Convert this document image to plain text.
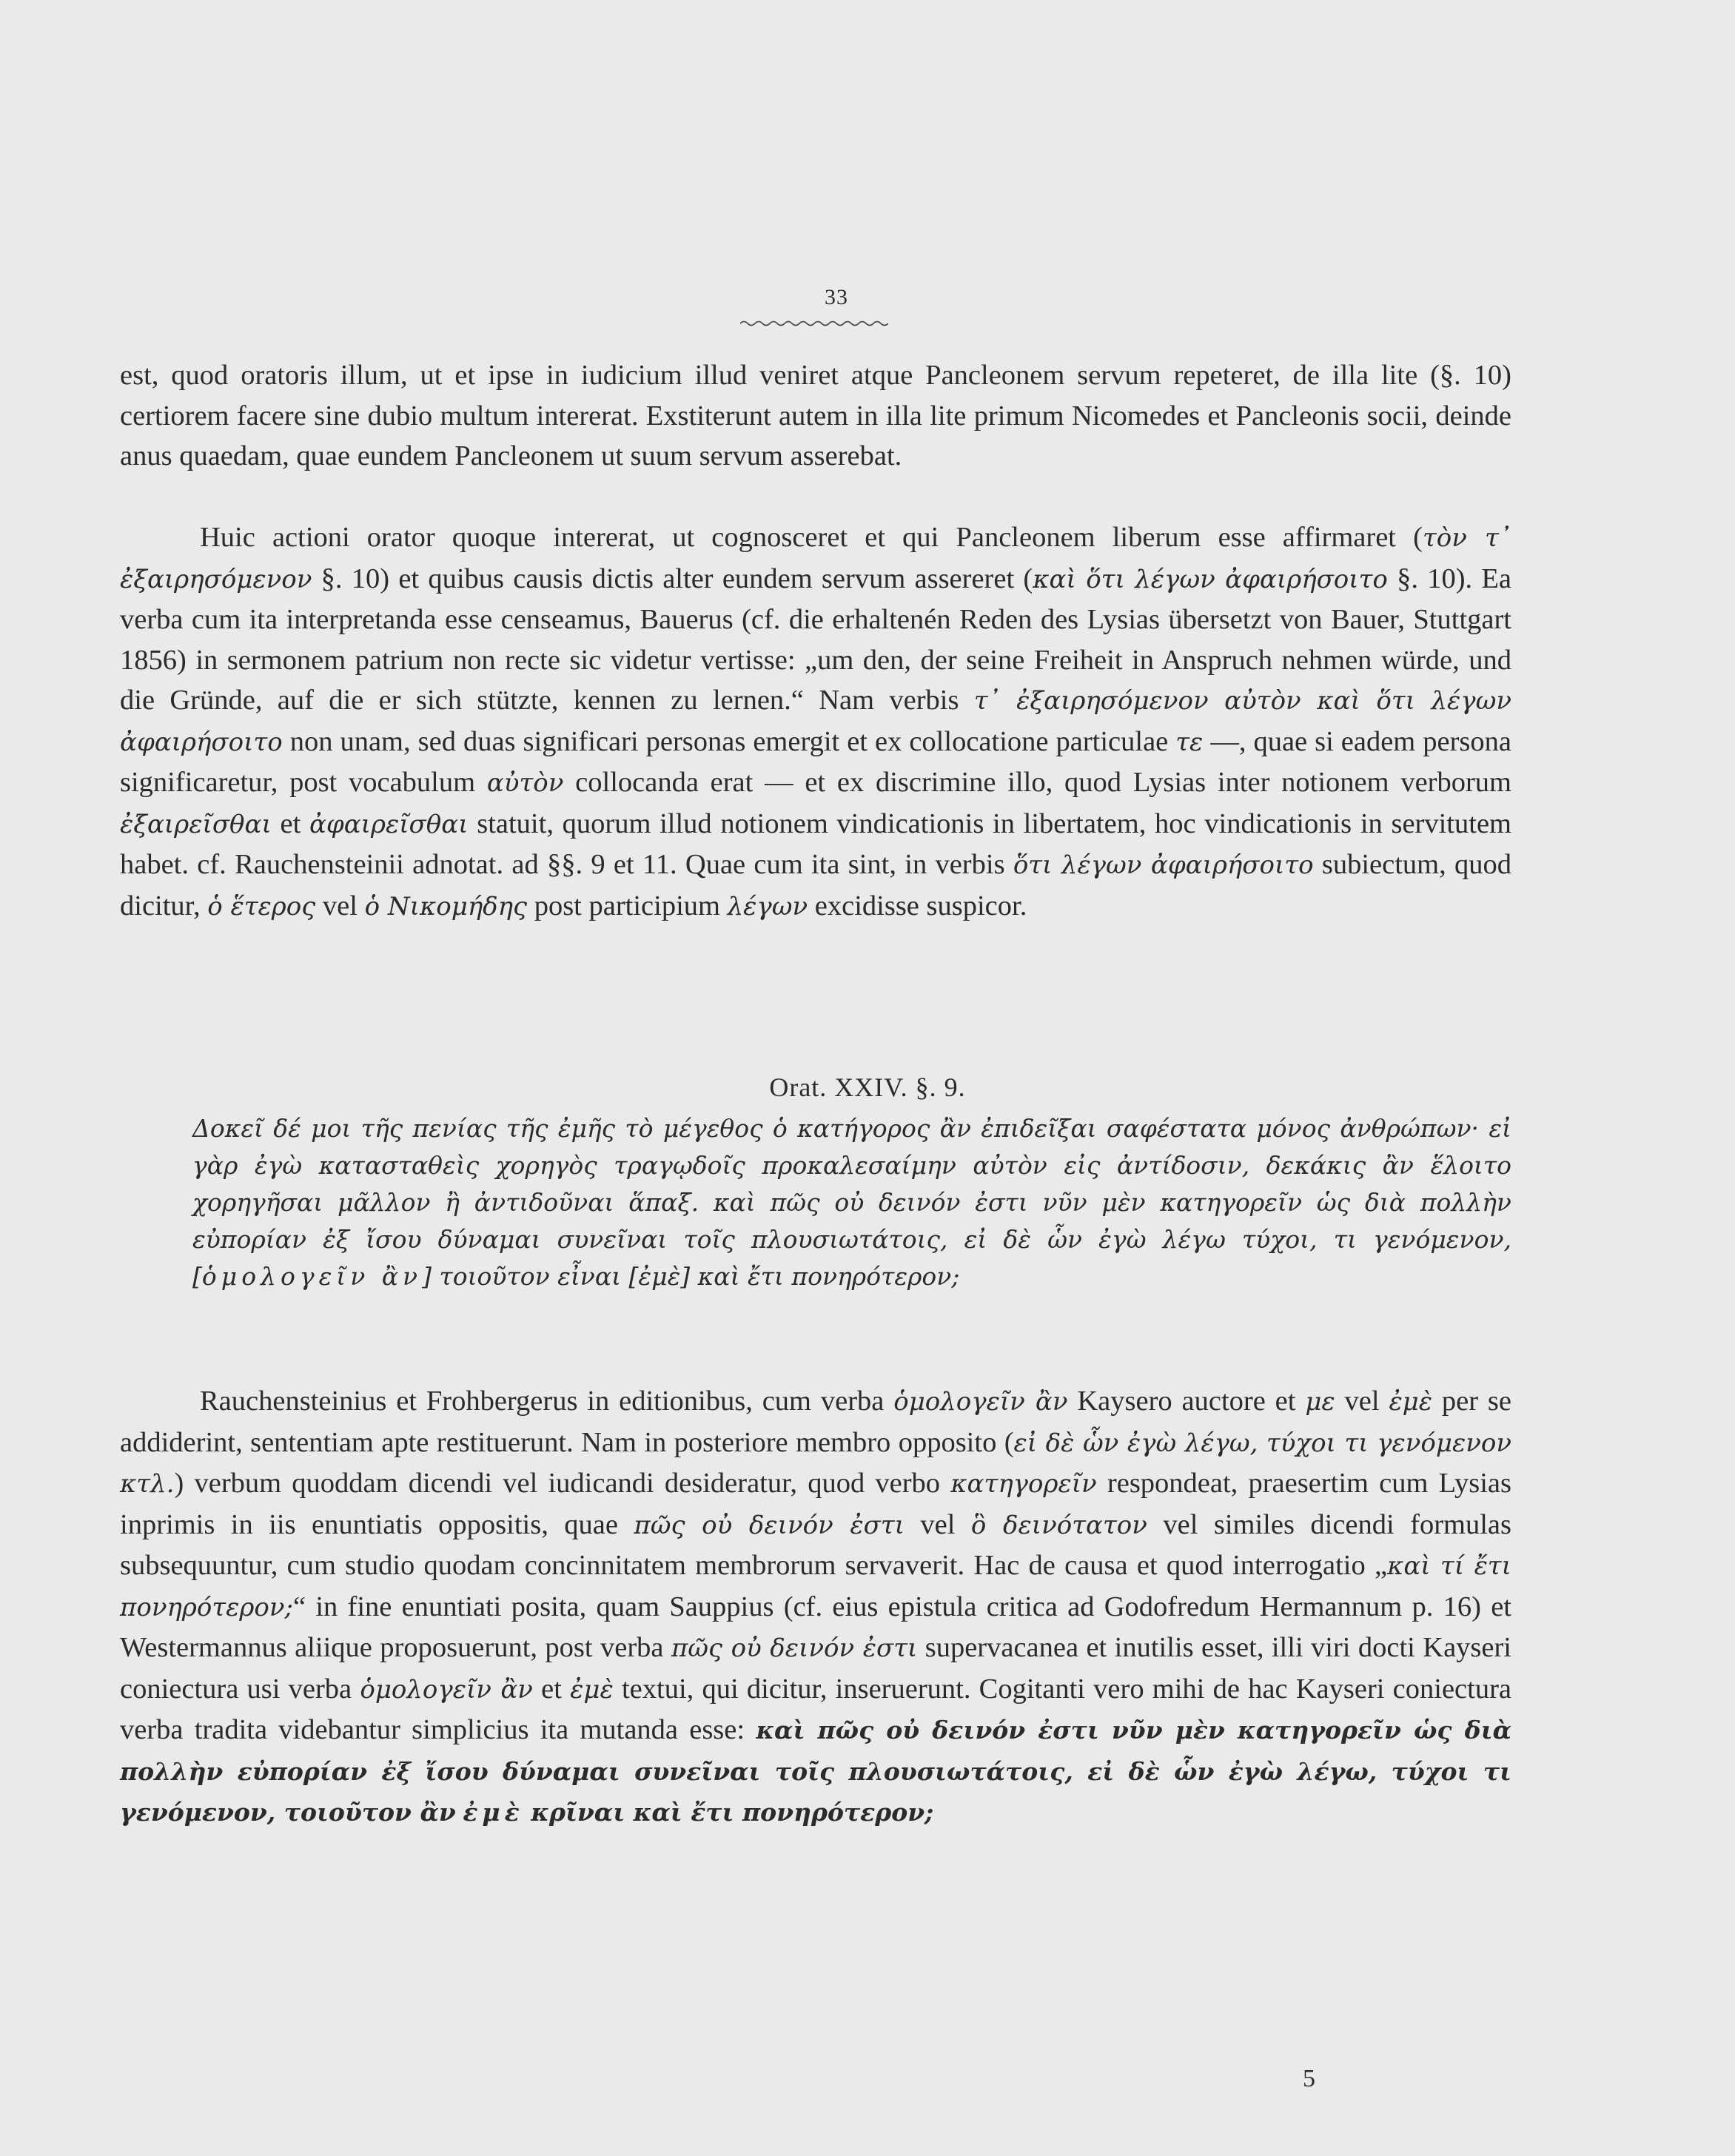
33

est, quod oratoris illum, ut et ipse in iudicium illud veniret atque Pancleonem servum repeteret, de illa lite (§. 10) certiorem facere sine dubio multum intererat. Exstiterunt autem in illa lite primum Nicomedes et Pancleonis socii, deinde anus quaedam, quae eundem Pancleonem ut suum servum asserebat.

Huic actioni orator quoque intererat, ut cognosceret et qui Pancleonem liberum esse affirmaret (τὸν τ᾽ ἐξαιρησόμενον §. 10) et quibus causis dictis alter eundem servum assereret (καὶ ὅτι λέγων ἀφαιρήσοιτο §. 10). Ea verba cum ita interpretanda esse censeamus, Bauerus (cf. die erhaltenén Reden des Lysias übersetzt von Bauer, Stuttgart 1856) in sermonem patrium non recte sic videtur vertisse: „um den, der seine Freiheit in Anspruch nehmen würde, und die Gründe, auf die er sich stützte, kennen zu lernen.“ Nam verbis τ᾽ ἐξαιρησόμενον αὐτὸν καὶ ὅτι λέγων ἀφαιρήσοιτο non unam, sed duas significari personas emergit et ex collocatione particulae τε —, quae si eadem persona significaretur, post vocabulum αὐτὸν collocanda erat — et ex discrimine illo, quod Lysias inter notionem verborum ἐξαιρεῖσθαι et ἀφαιρεῖσθαι statuit, quorum illud notionem vindicationis in libertatem, hoc vindicationis in servitutem habet. cf. Rauchensteinii adnotat. ad §§. 9 et 11. Quae cum ita sint, in verbis ὅτι λέγων ἀφαιρήσοιτο subiectum, quod dicitur, ὁ ἕτερος vel ὁ Νικομήδης post participium λέγων excidisse suspicor.

Orat. XXIV. §. 9.
Δοκεῖ δέ μοι τῆς πενίας τῆς ἐμῆς τὸ μέγεθος ὁ κατήγορος ἂν ἐπιδεῖξαι σαφέστατα μόνος ἀνθρώπων· εἰ γὰρ ἐγὼ κατασταθεὶς χορηγὸς τραγῳδοῖς προκαλεσαίμην αὐτὸν εἰς ἀντίδοσιν, δεκάκις ἂν ἕλοιτο χορηγῆσαι μᾶλλον ἢ ἀντιδοῦναι ἅπαξ. καὶ πῶς οὐ δεινόν ἐστι νῦν μὲν κατηγορεῖν ὡς διὰ πολλὴν εὐπορίαν ἐξ ἴσου δύναμαι συνεῖναι τοῖς πλουσιωτάτοις, εἰ δὲ ὧν ἐγὼ λέγω τύχοι, τι γενόμενον, [ὁμολογεῖν ἂν] τοιοῦτον εἶναι [ἐμὲ] καὶ ἔτι πονηρότερον;

Rauchensteinius et Frohbergerus in editionibus, cum verba ὁμολογεῖν ἂν Kaysero auctore et με vel ἐμὲ per se addiderint, sententiam apte restituerunt. Nam in posteriore membro opposito (εἰ δὲ ὧν ἐγὼ λέγω, τύχοι τι γενόμενον κτλ.) verbum quoddam dicendi vel iudicandi desideratur, quod verbo κατηγορεῖν respondeat, praesertim cum Lysias inprimis in iis enuntiatis oppositis, quae πῶς οὐ δεινόν ἐστι vel ὃ δεινότατον vel similes dicendi formulas subsequuntur, cum studio quodam concinnitatem membrorum servaverit. Hac de causa et quod interrogatio „καὶ τί ἔτι πονηρότερον;“ in fine enuntiati posita, quam Sauppius (cf. eius epistula critica ad Godofredum Hermannum p. 16) et Westermannus aliique proposuerunt, post verba πῶς οὐ δεινόν ἐστι supervacanea et inutilis esset, illi viri docti Kayseri coniectura usi verba ὁμολογεῖν ἂν et ἐμὲ textui, qui dicitur, inseruerunt. Cogitanti vero mihi de hac Kayseri coniectura verba tradita videbantur simplicius ita mutanda esse: καὶ πῶς οὐ δεινόν ἐστι νῦν μὲν κατηγορεῖν ὡς διὰ πολλὴν εὐπορίαν ἐξ ἴσου δύναμαι συνεῖναι τοῖς πλουσιωτάτοις, εἰ δὲ ὧν ἐγὼ λέγω, τύχοι τι γενόμενον, τοιοῦτον ἂν ἐμὲ κρῖναι καὶ ἔτι πονηρότερον;

5
